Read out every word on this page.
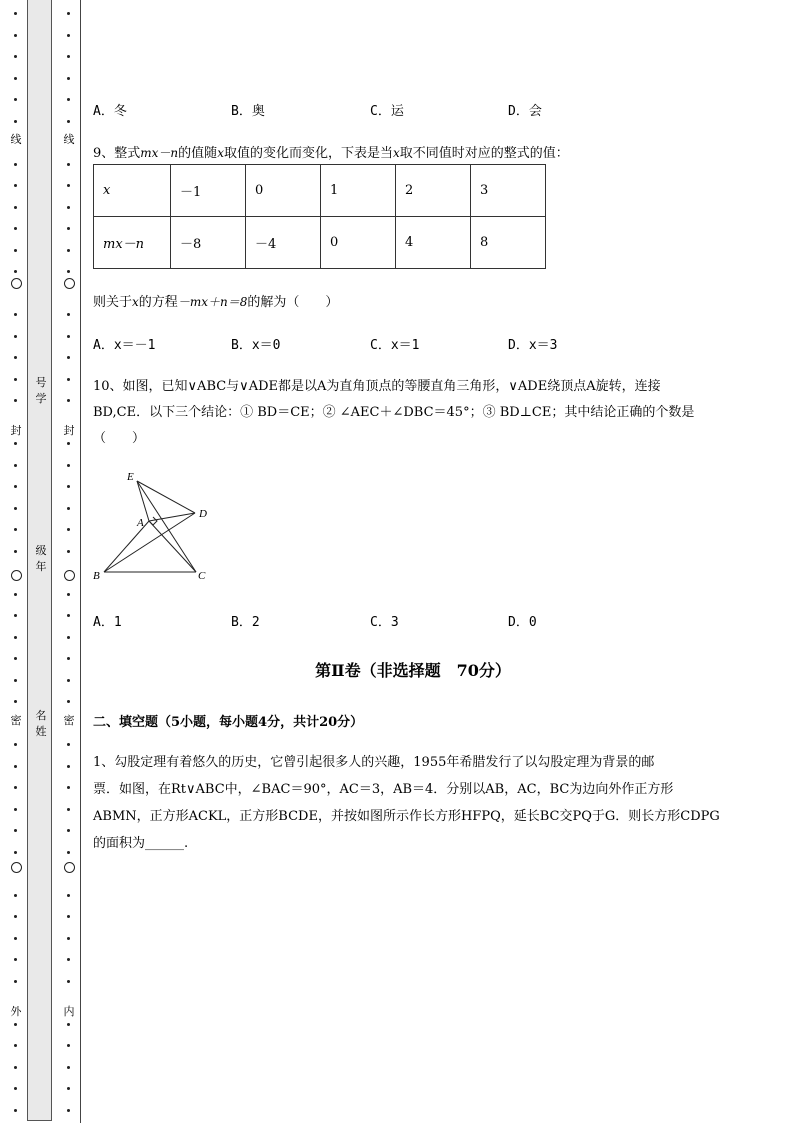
线
封
密
外
线
封
密
内
号
学
级
年
名
姓
A．冬	B．奥	C．运	D．会
9、整式mx－n的值随x取值的变化而变化，下表是当x取不同值时对应的整式的值：
x	－1	0	1	2	3
mx－n	－8	－4	0	4	8
则关于x的方程－mx＋n＝8的解为（　　）
A．x＝－1	B．x＝0	C．x＝1	D．x＝3
10、如图，已知∨ABC与∨ADE都是以A为直角顶点的等腰直角三角形，∨ADE绕顶点A旋转，连接
BD,CE．以下三个结论：① BD＝CE；② ∠AEC＋∠DBC＝45°；③ BD⊥CE；其中结论正确的个数是
（　　）
E
A
D
B	C
A．1	B．2	C．3	D．0
第Ⅱ卷（非选择题　70分）
二、填空题（5小题，每小题4分，共计20分）
1、勾股定理有着悠久的历史，它曾引起很多人的兴趣，1955年希腊发行了以勾股定理为背景的邮
票．如图，在Rt∨ABC中，∠BAC＝90°，AC＝3，AB＝4．分别以AB，AC，BC为边向外作正方形
ABMN，正方形ACKL，正方形BCDE，并按如图所示作长方形HFPQ，延长BC交PQ于G．则长方形CDPG
的面积为______.
